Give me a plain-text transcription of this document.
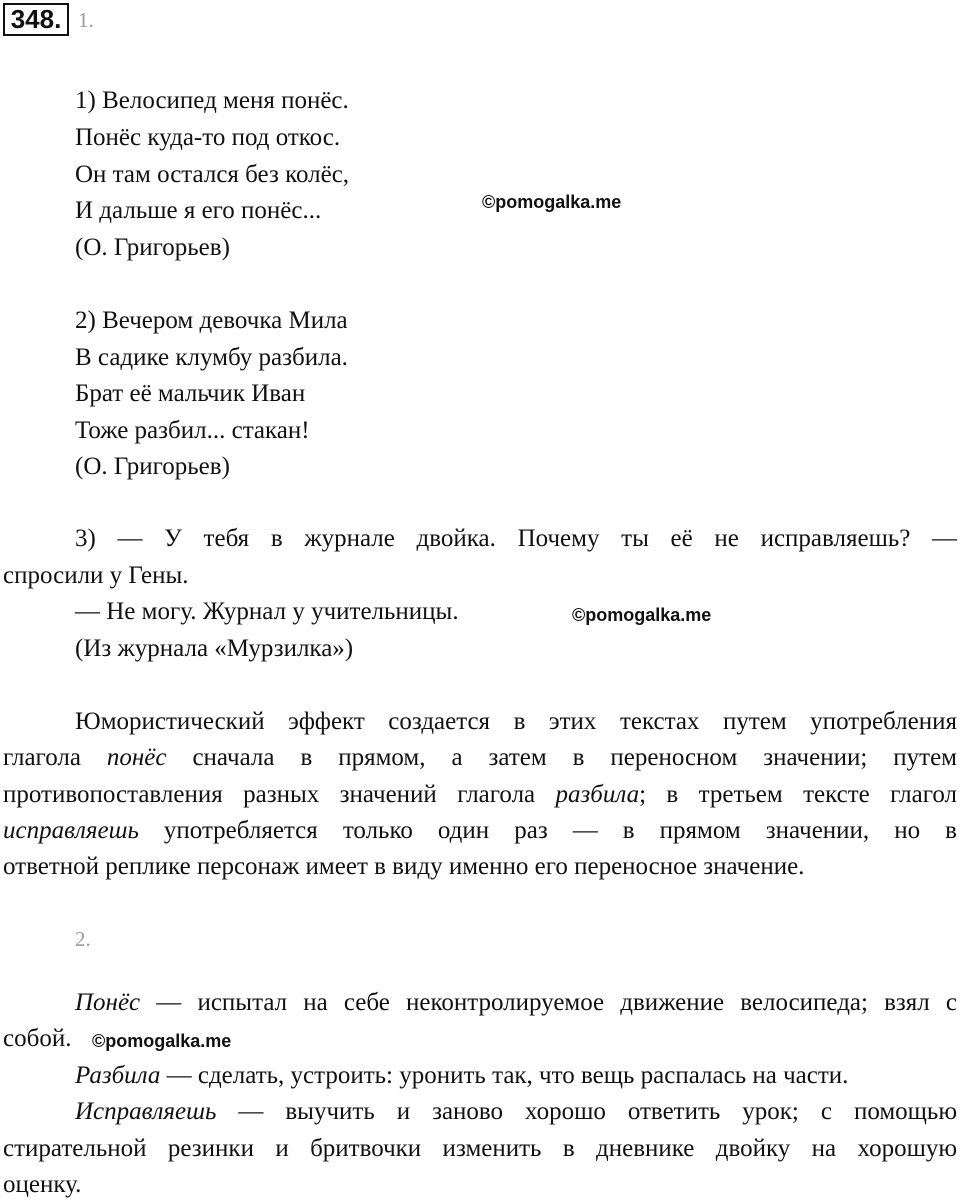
348. 1.
1) Велосипед меня понёс.
Понёс куда-то под откос.
Он там остался без колёс,
И дальше я его понёс...
(О. Григорьев)
©pomogalka.me
2) Вечером девочка Мила
В садике клумбу разбила.
Брат её мальчик Иван
Тоже разбил... стакан!
(О. Григорьев)
3) — У тебя в журнале двойка. Почему ты её не исправляешь? —
спросили у Гены.
— Не могу. Журнал у учительницы.
(Из журнала «Мурзилка»)
©pomogalka.me
Юмористический эффект создается в этих текстах путем употребления
глагола понёс сначала в прямом, а затем в переносном значении; путем
противопоставления разных значений глагола разбила; в третьем тексте глагол
исправляешь употребляется только один раз — в прямом значении, но в
ответной реплике персонаж имеет в виду именно его переносное значение.
2.
Понёс — испытал на себе неконтролируемое движение велосипеда; взял с
собой. ©pomogalka.me
Разбила — сделать, устроить: уронить так, что вещь распалась на части.
Исправляешь — выучить и заново хорошо ответить урок; с помощью
стирательной резинки и бритвочки изменить в дневнике двойку на хорошую
оценку.
